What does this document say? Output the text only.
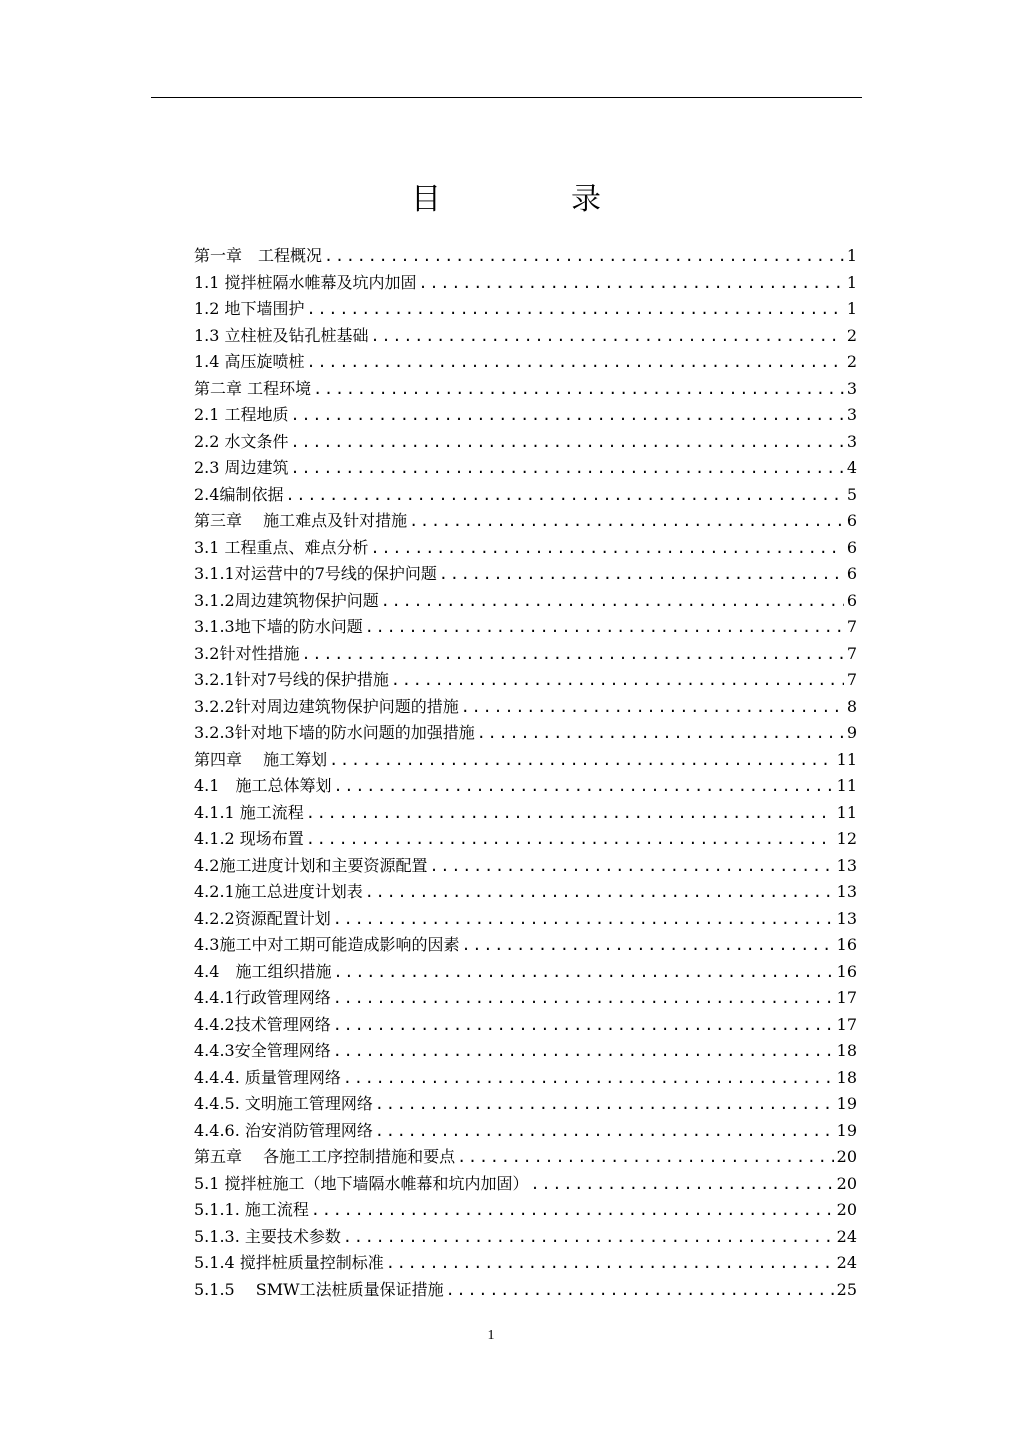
目录
第一章　工程概况 .....	1
1.1 搅拌桩隔水帷幕及坑内加固 .....	1
1.2 地下墙围护 .....	1
1.3 立柱桩及钻孔桩基础 .....	2
1.4 高压旋喷桩 .....	2
第二章 工程环境 .....	3
2.1 工程地质 .....	3
2.2 水文条件 .....	3
2.3 周边建筑 .....	4
2.4编制依据 .....	5
第三章　 施工难点及针对措施 .....	6
3.1 工程重点、难点分析 .....	6
3.1.1对运营中的7号线的保护问题 .....	6
3.1.2周边建筑物保护问题 .....	6
3.1.3地下墙的防水问题 .....	7
3.2针对性措施 .....	7
3.2.1针对7号线的保护措施 .....	7
3.2.2针对周边建筑物保护问题的措施 .....	8
3.2.3针对地下墙的防水问题的加强措施 .....	9
第四章　 施工筹划 .....	11
4.1　施工总体筹划 .....	11
4.1.1 施工流程 .....	11
4.1.2 现场布置 .....	12
4.2施工进度计划和主要资源配置 .....	13
4.2.1施工总进度计划表 .....	13
4.2.2资源配置计划 .....	13
4.3施工中对工期可能造成影响的因素 .....	16
4.4　施工组织措施 .....	16
4.4.1行政管理网络 .....	17
4.4.2技术管理网络 .....	17
4.4.3安全管理网络 .....	18
4.4.4. 质量管理网络 .....	18
4.4.5. 文明施工管理网络 .....	19
4.4.6. 治安消防管理网络 .....	19
第五章　 各施工工序控制措施和要点 .....	20
5.1 搅拌桩施工（地下墙隔水帷幕和坑内加固） .....	20
5.1.1. 施工流程 .....	20
5.1.3. 主要技术参数 .....	24
5.1.4 搅拌桩质量控制标准 .....	24
5.1.5　 SMW工法桩质量保证措施 .....	25
1
